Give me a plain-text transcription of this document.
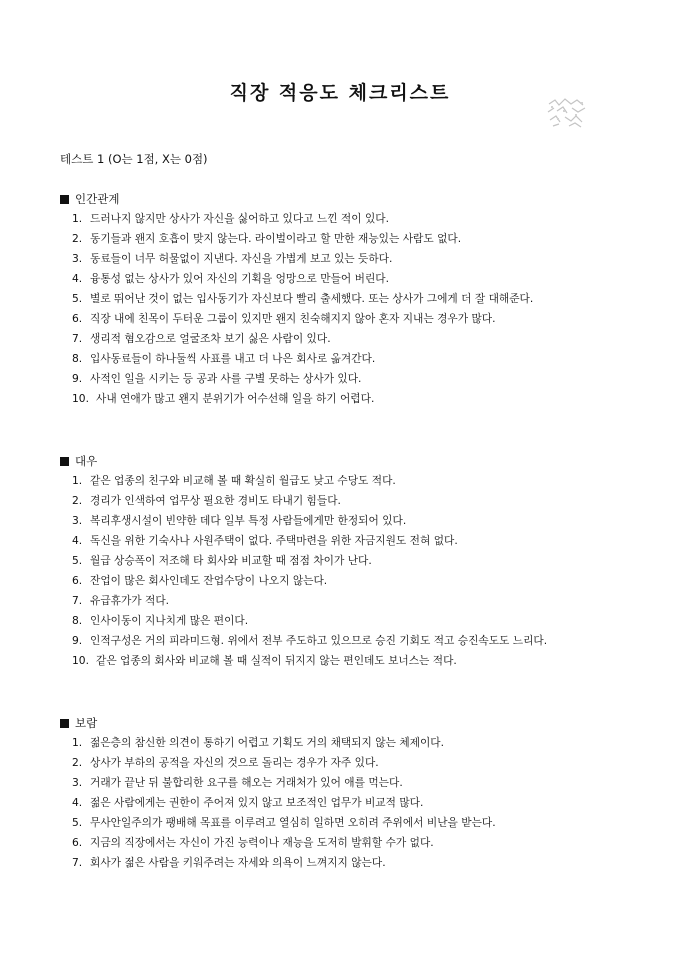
직장 적응도 체크리스트
테스트 1 (O는 1점, X는 0점)
인간관계
1. 드러나지 않지만 상사가 자신을 싫어하고 있다고 느낀 적이 있다.
2. 동기들과 왠지 호흡이 맞지 않는다. 라이벌이라고 할 만한 재능있는 사람도 없다.
3. 동료들이 너무 허물없이 지낸다. 자신을 가볍게 보고 있는 듯하다.
4. 융통성 없는 상사가 있어 자신의 기획을 엉망으로 만들어 버린다.
5. 별로 뛰어난 것이 없는 입사동기가 자신보다 빨리 출세했다. 또는 상사가 그에게 더 잘 대해준다.
6. 직장 내에 친목이 두터운 그룹이 있지만 왠지 친숙해지지 않아 혼자 지내는 경우가 많다.
7. 생리적 혐오감으로 얼굴조차 보기 싫은 사람이 있다.
8. 입사동료들이 하나둘씩 사표를 내고 더 나은 회사로 옮겨간다.
9. 사적인 일을 시키는 등 공과 사를 구별 못하는 상사가 있다.
10. 사내 연애가 많고 왠지 분위기가 어수선해 일을 하기 어렵다.
대우
1. 같은 업종의 친구와 비교해 볼 때 확실히 월급도 낮고 수당도 적다.
2. 경리가 인색하여 업무상 필요한 경비도 타내기 힘들다.
3. 복리후생시설이 빈약한 데다 일부 특정 사람들에게만 한정되어 있다.
4. 독신을 위한 기숙사나 사원주택이 없다. 주택마련을 위한 자금지원도 전혀 없다.
5. 월급 상승폭이 저조해 타 회사와 비교할 때 점점 차이가 난다.
6. 잔업이 많은 회사인데도 잔업수당이 나오지 않는다.
7. 유급휴가가 적다.
8. 인사이동이 지나치게 많은 편이다.
9. 인적구성은 거의 피라미드형. 위에서 전부 주도하고 있으므로 승진 기회도 적고 승진속도도 느리다.
10. 같은 업종의 회사와 비교해 볼 때 실적이 뒤지지 않는 편인데도 보너스는 적다.
보람
1. 젊은층의 참신한 의견이 통하기 어렵고 기획도 거의 채택되지 않는 체제이다.
2. 상사가 부하의 공적을 자신의 것으로 돌리는 경우가 자주 있다.
3. 거래가 끝난 뒤 불합리한 요구를 해오는 거래처가 있어 애를 먹는다.
4. 젊은 사람에게는 권한이 주어져 있지 않고 보조적인 업무가 비교적 많다.
5. 무사안일주의가 팽배해 목표를 이루려고 열심히 일하면 오히려 주위에서 비난을 받는다.
6. 지금의 직장에서는 자신이 가진 능력이나 재능을 도저히 발휘할 수가 없다.
7. 회사가 젊은 사람을 키워주려는 자세와 의욕이 느껴지지 않는다.
